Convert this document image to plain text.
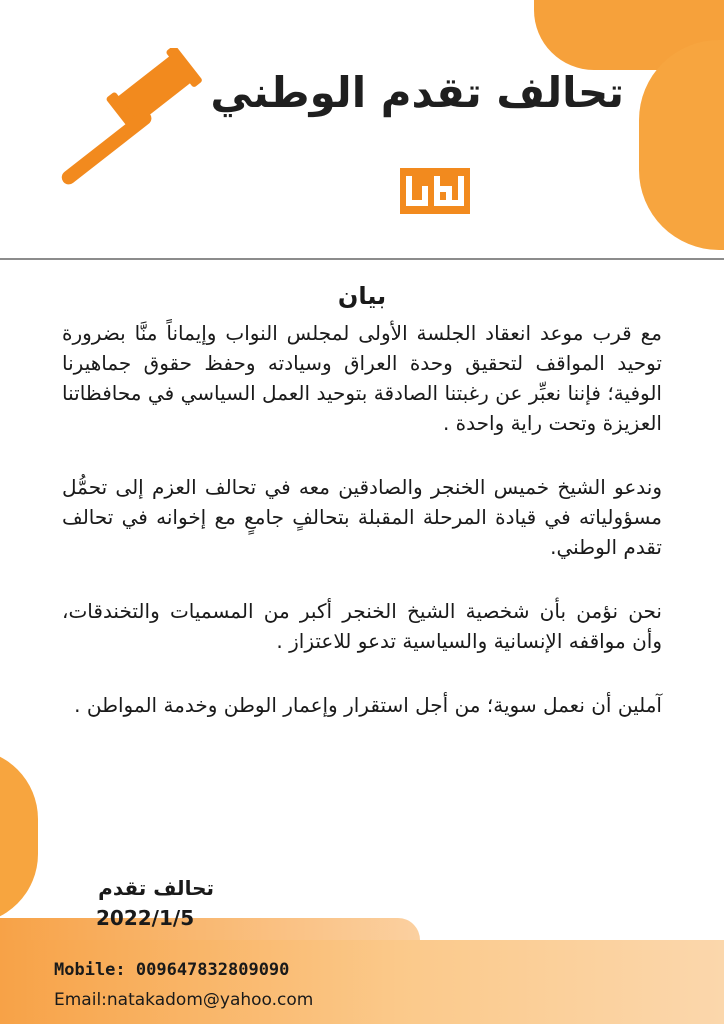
تحالف تقدم الوطني
بيان

مع قرب موعد انعقاد الجلسة الأولى لمجلس النواب وإيماناً منَّا بضرورة توحيد المواقف لتحقيق وحدة العراق وسيادته وحفظ حقوق جماهيرنا الوفية؛ فإننا نعبِّر عن رغبتنا الصادقة بتوحيد العمل السياسي في محافظاتنا العزيزة وتحت راية واحدة .

وندعو الشيخ خميس الخنجر والصادقين معه في تحالف العزم إلى تحمُّل مسؤولياته في قيادة المرحلة المقبلة بتحالفٍ جامعٍ مع إخوانه في تحالف تقدم الوطني.

نحن نؤمن بأن شخصية الشيخ الخنجر أكبر من المسميات والتخندقات، وأن مواقفه الإنسانية والسياسية تدعو للاعتزاز .

آملين أن نعمل سوية؛ من أجل استقرار وإعمار الوطن وخدمة المواطن .

تحالف تقدم
2022/1/5
Mobile: 009647832809090
Email:natakadom@yahoo.com
